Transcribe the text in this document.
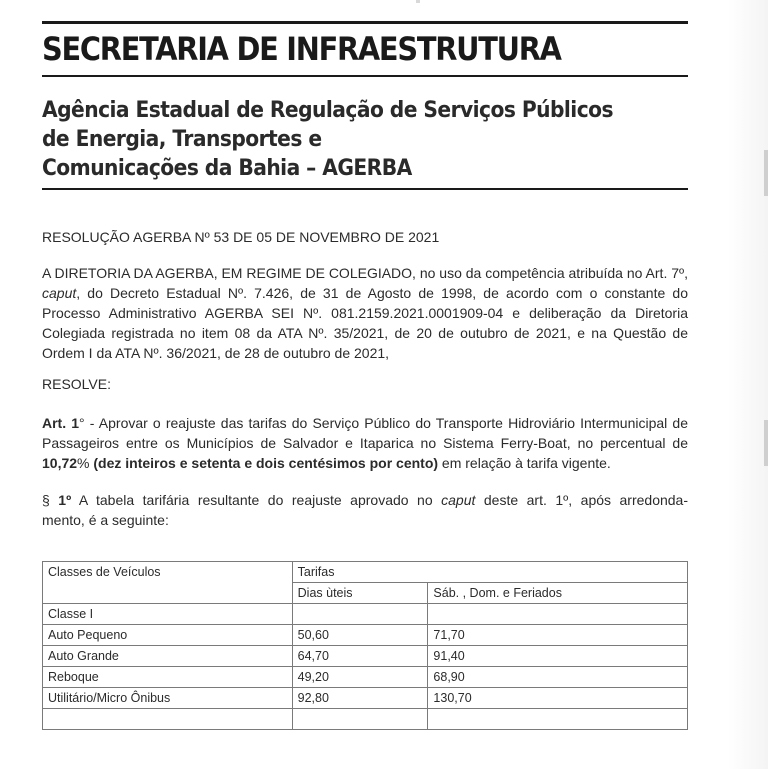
SECRETARIA DE INFRAESTRUTURA
Agência Estadual de Regulação de Serviços Públicos
de Energia, Transportes e
Comunicações da Bahia – AGERBA
RESOLUÇÃO AGERBA Nº 53 DE 05 DE NOVEMBRO DE 2021
A DIRETORIA DA AGERBA, EM REGIME DE COLEGIADO, no uso da competência atribuída no Art. 7º, caput, do Decreto Estadual Nº. 7.426, de 31 de Agosto de 1998, de acordo com o constante do Processo Administrativo AGERBA SEI Nº. 081.2159.2021.0001909-04 e deliberação da Diretoria Colegiada registrada no item 08 da ATA Nº. 35/2021, de 20 de outubro de 2021, e na Questão de Ordem I da ATA Nº. 36/2021, de 28 de outubro de 2021,
RESOLVE:
Art. 1° - Aprovar o reajuste das tarifas do Serviço Público do Transporte Hidroviário Intermunicipal de Passageiros entre os Municípios de Salvador e Itaparica no Sistema Ferry-Boat, no percentual de 10,72% (dez inteiros e setenta e dois centésimos por cento) em relação à tarifa vigente.
§ 1º A tabela tarifária resultante do reajuste aprovado no caput deste art. 1º, após arredonda-
mento, é a seguinte:
Classes de Veículos	Tarifas	
	Dias ùteis	Sáb. , Dom. e Feriados
Classe I		
Auto Pequeno	50,60	71,70
Auto Grande	64,70	91,40
Reboque	49,20	68,90
Utilitário/Micro Ônibus	92,80	130,70
